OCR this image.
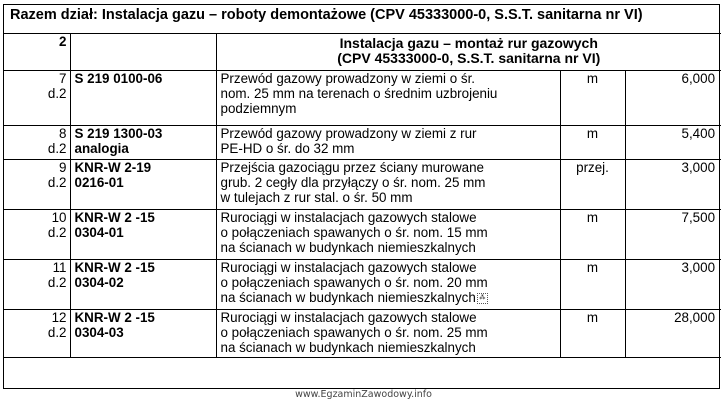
Razem dział: Instalacja gazu – roboty demontażowe (CPV 45333000-0, S.S.T. sanitarna nr VI)				
2		Instalacja gazu – montaż rur gazowych
(CPV 45333000-0, S.S.T. sanitarna nr VI)		

7
d.2	S 219 0100-06	Przewód gazowy prowadzony w ziemi o śr.
nom. 25 mm na terenach o średnim uzbrojeniu
podziemnym	m	6,000

8
d.2	S 219 1300-03
analogia	Przewód gazowy prowadzony w ziemi z rur
PE-HD o śr. do 32 mm	m	5,400

9
d.2	KNR-W 2-19
0216-01	Przejścia gazociągu przez ściany murowane
grub. 2 cegły dla przyłączy o śr. nom. 25 mm
w tulejach z rur stal. o śr. 50 mm	przej.	3,000

10
d.2	KNR-W 2 -15
0304-01	Rurociągi w instalacjach gazowych stalowe
o połączeniach spawanych o śr. nom. 15 mm
na ścianach w budynkach niemieszkalnych	m	7,500

11
d.2	KNR-W 2 -15
0304-02	Rurociągi w instalacjach gazowych stalowe
o połączeniach spawanych o śr. nom. 20 mm
na ścianach w budynkach niemieszkalnych ⁂	m	3,000

12
d.2	KNR-W 2 -15
0304-03	Rurociągi w instalacjach gazowych stalowe
o połączeniach spawanych o śr. nom. 25 mm
na ścianach w budynkach niemieszkalnych	m	28,000
www.EgzaminZawodowy.info
